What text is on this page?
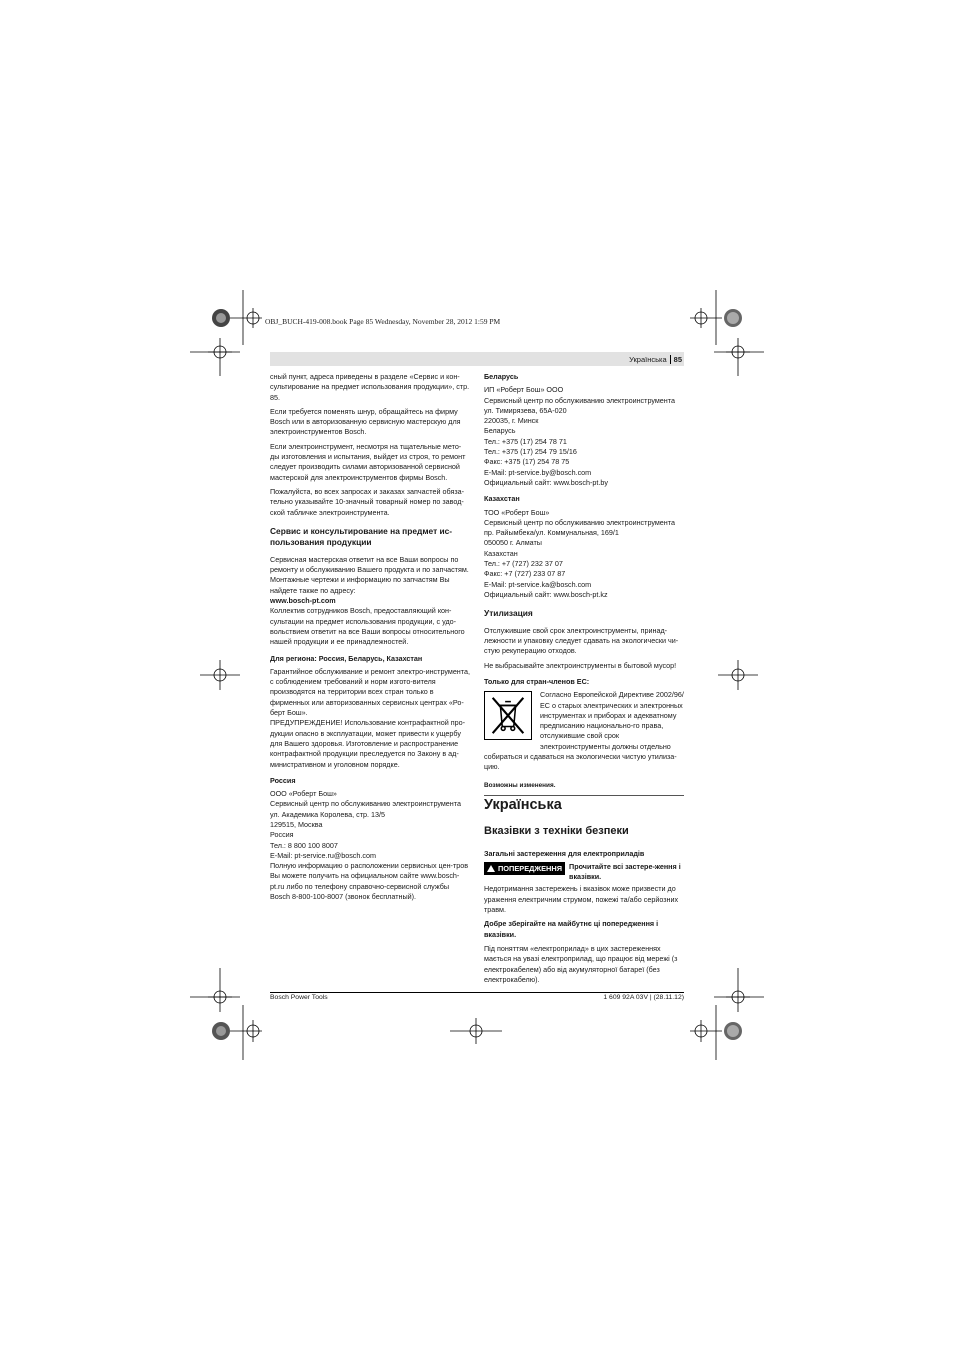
OBJ_BUCH-419-008.book Page 85 Wednesday, November 28, 2012 1:59 PM
Українська 85

сный пункт, адреса приведены в разделе «Сервис и кон-сультирование на предмет использования продукции», стр. 85.

Если требуется поменять шнур, обращайтесь на фирму Bosch или в авторизованную сервисную мастерскую для электроинструментов Bosch.

Если электроинструмент, несмотря на тщательные мето-ды изготовления и испытания, выйдет из строя, то ремонт следует производить силами авторизованной сервисной мастерской для электроинструментов фирмы Bosch.

Пожалуйста, во всех запросах и заказах запчастей обяза-тельно указывайте 10-значный товарный номер по завод-ской табличке электроинструмента.

Сервис и консультирование на предмет ис-пользования продукции

Сервисная мастерская ответит на все Ваши вопросы по ремонту и обслуживанию Вашего продукта и по запчастям. Монтажные чертежи и информацию по запчастям Вы найдете также по адресу:

www.bosch-pt.com

Коллектив сотрудников Bosch, предоставляющий кон-сультации на предмет использования продукции, с удо-вольствием ответит на все Ваши вопросы относительного нашей продукции и ее принадлежностей.

Для региона: Россия, Беларусь, Казахстан

Гарантийное обслуживание и ремонт электро-инструмента, с соблюдением требований и норм изгото-вителя производятся на территории всех стран только в фирменных или авторизованных сервисных центрах «Ро-берт Бош».

ПРЕДУПРЕЖДЕНИЕ! Использование контрафактной про-дукции опасно в эксплуатации, может привести к ущербу для Вашего здоровья. Изготовление и распространение контрафактной продукции преследуется по Закону в ад-министративном и уголовном порядке.

Россия
ООО «Роберт Бош»
Сервисный центр по обслуживанию электроинструмента
ул. Академика Королева, стр. 13/5
129515, Москва
Россия
Тел.: 8 800 100 8007
E-Mail: pt-service.ru@bosch.com

Полную информацию о расположении сервисных цен-тров Вы можете получить на официальном сайте www.bosch-pt.ru либо по телефону справочно-сервисной службы Bosch 8-800-100-8007 (звонок бесплатный).

Беларусь
ИП «Роберт Бош» ООО
Сервисный центр по обслуживанию электроинструмента
ул. Тимирязева, 65А-020
220035, г. Минск
Беларусь
Тел.: +375 (17) 254 78 71
Тел.: +375 (17) 254 79 15/16
Факс: +375 (17) 254 78 75
E-Mail: pt-service.by@bosch.com
Официальный сайт: www.bosch-pt.by
Казахстан
ТОО «Роберт Бош»
Сервисный центр по обслуживанию электроинструмента
пр. Райымбека/ул. Коммунальная, 169/1
050050 г. Алматы
Казахстан
Тел.: +7 (727) 232 37 07
Факс: +7 (727) 233 07 87
E-Mail: pt-service.ka@bosch.com
Официальный сайт: www.bosch-pt.kz
Утилизация

Отслужившие свой срок электроинструменты, принад-лежности и упаковку следует сдавать на экологически чи-стую рекуперацию отходов.

Не выбрасывайте электроинструменты в бытовой мусор!

Только для стран-членов ЕС:

Согласно Европейской Директиве 2002/96/ЕС о старых электрических и электронных инструментах и приборах и адекватному предписанию национально-го права, отслужившие свой срок электроинструменты должны отдельно собираться и сдаваться на экологически чистую утилиза-цию.

Возможны изменения.
Українська
Вказівки з техніки безпеки
Загальні застереження для електроприладів
ПОПЕРЕДЖЕННЯ Прочитайте всі застере-ження і вказівки.

Недотримання застережень і вказівок може призвести до ураження електричним струмом, пожежі та/або серйозних травм.

Добре зберігайте на майбутнє ці попередження і вказівки.

Під поняттям «електроприлад» в цих застереженнях мається на увазі електроприлад, що працює від мережі (з електрокабелем) або від акумуляторної батареї (без електрокабелю).

Bosch Power Tools	1 609 92A 03V | (28.11.12)
